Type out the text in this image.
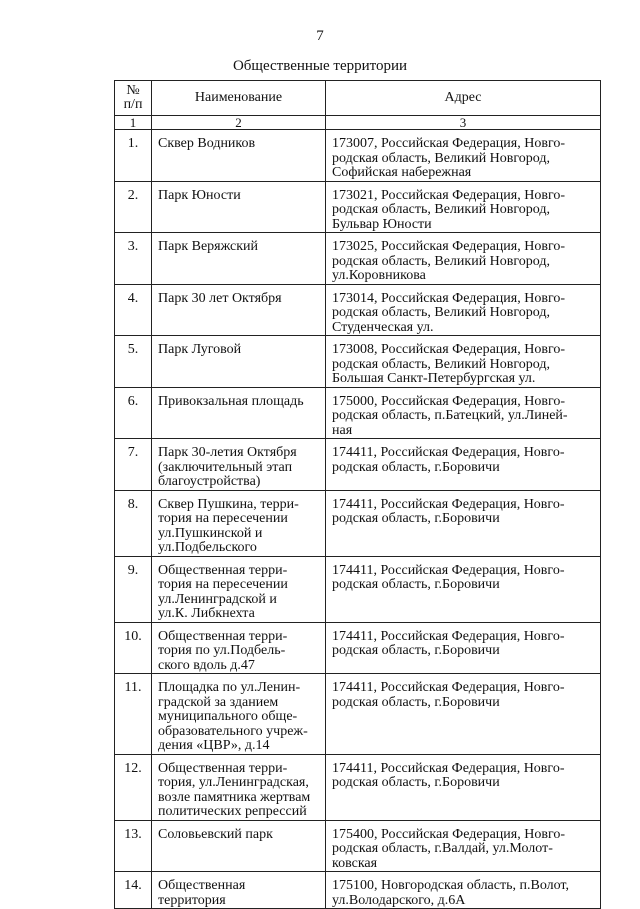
7
Общественные территории
№
п/п	Наименование	Адрес
1	2	3

1.	Сквер Водников	173007, Российская Федерация, Новго-
родская область, Великий Новгород,
Софийская набережная

2.	Парк Юности	173021, Российская Федерация, Новго-
родская область, Великий Новгород,
Бульвар Юности

3.	Парк Веряжский	173025, Российская Федерация, Новго-
родская область, Великий Новгород,
ул.Коровникова

4.	Парк 30 лет Октября	173014, Российская Федерация, Новго-
родская область, Великий Новгород,
Студенческая ул.

5.	Парк Луговой	173008, Российская Федерация, Новго-
родская область, Великий Новгород,
Большая Санкт-Петербургская ул.

6.	Привокзальная площадь	175000, Российская Федерация, Новго-
родская область, п.Батецкий, ул.Линей-
ная

7.	Парк 30-летия Октября
(заключительный этап
благоустройства)	174411, Российская Федерация, Новго-
родская область, г.Боровичи

8.	Сквер Пушкина, терри-
тория на пересечении
ул.Пушкинской и
ул.Подбельского	174411, Российская Федерация, Новго-
родская область, г.Боровичи

9.	Общественная терри-
тория на пересечении
ул.Ленинградской и
ул.К. Либкнехта	174411, Российская Федерация, Новго-
родская область, г.Боровичи

10.	Общественная терри-
тория по ул.Подбель-
ского вдоль д.47	174411, Российская Федерация, Новго-
родская область, г.Боровичи

11.	Площадка по ул.Ленин-
градской за зданием
муниципального обще-
образовательного учреж-
дения «ЦВР», д.14	174411, Российская Федерация, Новго-
родская область, г.Боровичи

12.	Общественная терри-
тория, ул.Ленинградская,
возле памятника жертвам
политических репрессий	174411, Российская Федерация, Новго-
родская область, г.Боровичи

13.	Соловьевский парк	175400, Российская Федерация, Новго-
родская область, г.Валдай, ул.Молот-
ковская

14.	Общественная
территория	175100, Новгородская область, п.Волот,
ул.Володарского, д.6А
